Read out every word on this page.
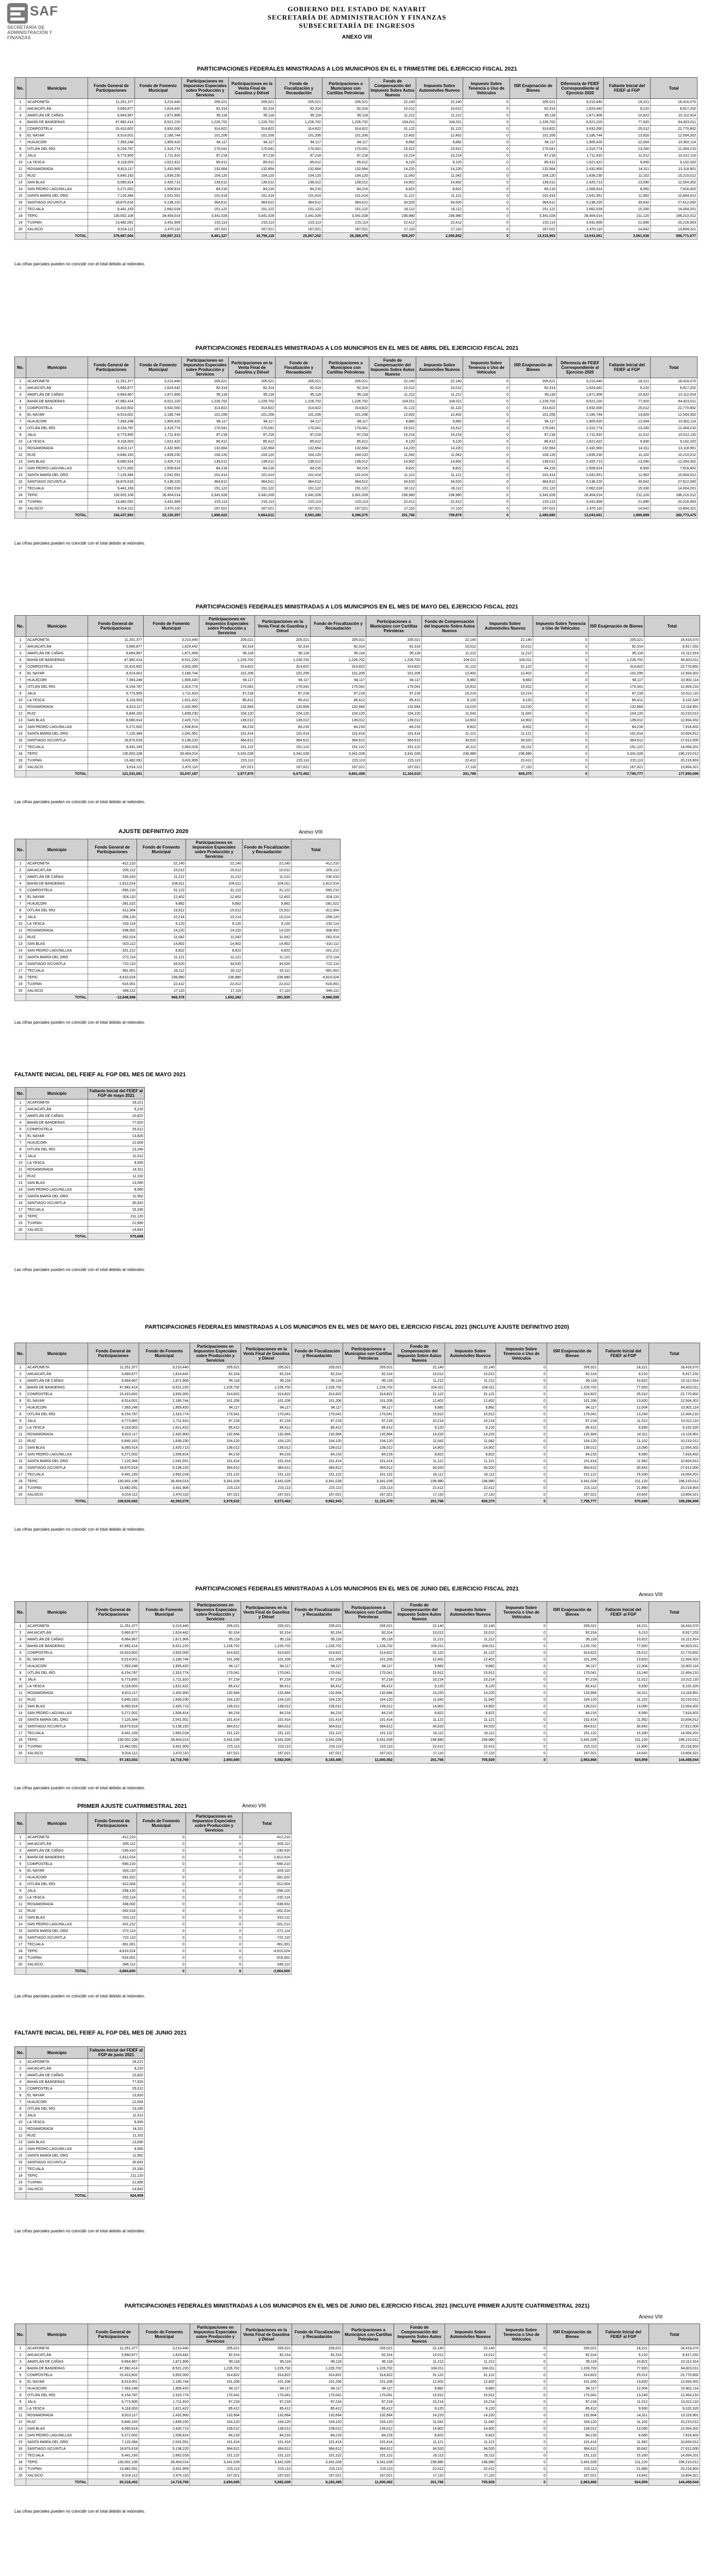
SAF
SECRETARÍA DE ADMINISTRACIÓN Y FINANZAS
GOBIERNO DEL ESTADO DE NAYARIT
SECRETARÍA DE ADMINISTRACIÓN Y FINANZAS
SUBSECRETARÍA DE INGRESOS
ANEXO VIII
PARTICIPACIONES FEDERALES MINISTRADAS A LOS MUNICIPIOS EN EL II TRIMESTRE DEL EJERCICIO FISCAL 2021
No.	Municipio	Fondo General de Participaciones	Fondo de Fomento Municipal	Participaciones en Impuestos Especiales sobre Producción y Servicios	Participaciones en la Venta Final de Gasolina y Diésel	Fondo de Fiscalización y Recaudación	Participaciones a Municipios con Cartillas Petroleras	Fondo de Compensación del Impuesto Sobre Autos Nuevos	Impuesto Sobre Automóviles Nuevos	Impuesto Sobre Tenencia o Uso de Vehículos	ISR Enajenación de Bienes	Diferencia de FEIEF Correspondiente al Ejercicio 2020	Faltante Inicial del FEIEF al FGP	Total
1	ACAPONETA	11,251,377	3,210,440	205,021	205,021	205,021	205,021	22,140	22,140	0	205,021	3,210,440	18,221	18,416,070
2	AHUACATLÁN	5,660,877	1,624,442	92,314	92,314	92,314	92,314	10,012	10,012	0	92,314	1,624,442	9,210	8,917,202
3	AMATLÁN DE CAÑAS	6,664,967	1,871,906	95,118	95,118	95,118	95,118	11,212	11,212	0	95,118	1,871,906	10,822	10,112,914
4	BAHÍA DE BANDERAS	47,982,414	8,521,220	1,226,702	1,226,702	1,226,702	1,226,702	104,011	104,011	0	1,226,702	8,521,220	77,920	64,823,011
5	COMPOSTELA	15,410,602	3,932,000	314,822	314,822	314,822	314,822	31,122	31,122	0	314,822	3,932,000	25,012	22,770,802
6	EL NAYAR	8,514,001	2,180,744	101,206	101,206	101,206	101,206	12,402	12,402	0	101,206	2,180,744	13,820	12,504,302
7	HUAJICORI	7,393,248	1,905,420	94,117	94,117	94,117	94,117	9,882	9,882	0	94,117	1,905,420	12,004	10,902,114
8	IXTLÁN DEL RÍO	8,154,787	2,310,774	170,041	170,041	170,041	170,041	15,912	15,912	0	170,041	2,310,774	13,240	12,404,210
9	JALA	6,773,905	1,711,910	97,218	97,218	97,218	97,218	10,214	10,214	0	97,218	1,711,910	11,012	10,012,110
10	LA YESCA	6,118,003	1,621,422	85,412	85,412	85,412	85,412	9,120	9,120	0	85,412	1,621,422	9,930	9,102,320
11	ROSAMORADA	8,813,117	2,432,900	132,664	132,664	132,664	132,664	14,220	14,220	0	132,664	2,432,900	14,311	13,118,901
12	RUIZ	6,840,163	1,839,230	104,120	104,120	104,120	104,120	11,042	11,042	0	104,120	1,839,230	11,102	10,210,012
13	SAN BLAS	8,060,914	2,420,713	139,012	139,012	139,012	139,012	14,902	14,902	0	139,012	2,420,713	13,090	12,004,302
14	SAN PEDRO LAGUNILLAS	5,271,002	1,506,814	84,216	84,216	84,216	84,216	8,822	8,822	0	84,216	1,506,814	8,560	7,916,402
15	SANTA MARÍA DEL ORO	7,120,384	2,041,551	101,414	101,414	101,414	101,414	11,121	11,121	0	101,414	2,041,551	11,562	10,604,912
16	SANTIAGO IXCUINTLA	18,870,618	5,138,220	364,612	364,612	364,612	364,612	34,520	34,520	0	364,612	5,138,220	30,642	27,612,000
17	TECUALA	9,441,193	2,662,018	151,122	151,122	151,122	151,122	16,112	16,112	0	151,122	2,662,018	15,330	14,004,201
18	TEPIC	130,002,108	28,404,014	3,341,028	3,341,028	3,341,028	3,341,028	236,980	236,980	0	3,341,028	28,404,014	211,120	196,210,012
19	TUXPAN	13,482,091	3,431,909	215,113	215,113	215,113	215,113	22,412	22,412	0	215,113	3,431,909	21,890	20,216,903
20	XALISCO	9,014,112	2,470,110	167,021	167,021	167,021	167,021	17,110	17,110	0	167,021	2,470,110	14,642	13,804,321
	TOTAL	378,987,064	109,897,313	8,461,327	16,756,118	25,867,252	26,388,475	605,297	2,090,852	0	13,315,963	13,043,061	3,561,536	599,771,677
Las cifras parciales pueden no coincidir con el total debido al redondeo.
PARTICIPACIONES FEDERALES MINISTRADAS A LOS MUNICIPIOS EN EL MES DE ABRIL DEL EJERCICIO FISCAL 2021
No.	Municipio	Fondo General de Participaciones	Fondo de Fomento Municipal	Participaciones en Impuestos Especiales sobre Producción y Servicios	Participaciones en la Venta Final de Gasolina y Diésel	Fondo de Fiscalización y Recaudación	Participaciones a Municipios con Cartillas Petroleras	Fondo de Compensación del Impuesto Sobre Autos Nuevos	Impuesto Sobre Automóviles Nuevos	Impuesto Sobre Tenencia o Uso de Vehículos	ISR Enajenación de Bienes	Diferencia de FEIEF Correspondiente al Ejercicio 2020	Faltante Inicial del FEIEF al FGP	Total
1	ACAPONETA	11,251,377	3,210,440	205,021	205,021	205,021	205,021	22,140	22,140	0	205,021	3,210,440	18,221	18,416,070
2	AHUACATLÁN	5,660,877	1,624,442	92,314	92,314	92,314	92,314	10,012	10,012	0	92,314	1,624,442	9,210	8,917,202
3	AMATLÁN DE CAÑAS	6,664,967	1,871,906	95,118	95,118	95,118	95,118	11,212	11,212	0	95,118	1,871,906	10,822	10,112,914
4	BAHÍA DE BANDERAS	47,982,414	8,521,220	1,226,702	1,226,702	1,226,702	1,226,702	104,011	104,011	0	1,226,702	8,521,220	77,920	64,823,011
5	COMPOSTELA	15,410,602	3,932,000	314,822	314,822	314,822	314,822	31,122	31,122	0	314,822	3,932,000	25,012	22,770,802
6	EL NAYAR	8,514,001	2,180,744	101,206	101,206	101,206	101,206	12,402	12,402	0	101,206	2,180,744	13,820	12,504,302
7	HUAJICORI	7,393,248	1,905,420	94,117	94,117	94,117	94,117	9,882	9,882	0	94,117	1,905,420	12,004	10,902,114
8	IXTLÁN DEL RÍO	8,154,787	2,310,774	170,041	170,041	170,041	170,041	15,912	15,912	0	170,041	2,310,774	13,240	12,404,210
9	JALA	6,773,905	1,711,910	97,218	97,218	97,218	97,218	10,214	10,214	0	97,218	1,711,910	11,012	10,012,110
10	LA YESCA	6,118,003	1,621,422	85,412	85,412	85,412	85,412	9,120	9,120	0	85,412	1,621,422	9,930	9,102,320
11	ROSAMORADA	8,813,117	2,432,900	132,664	132,664	132,664	132,664	14,220	14,220	0	132,664	2,432,900	14,311	13,118,901
12	RUIZ	6,840,163	1,839,230	104,120	104,120	104,120	104,120	11,042	11,042	0	104,120	1,839,230	11,102	10,210,012
13	SAN BLAS	8,060,914	2,420,713	139,012	139,012	139,012	139,012	14,902	14,902	0	139,012	2,420,713	13,090	12,004,302
14	SAN PEDRO LAGUNILLAS	5,271,002	1,506,814	84,216	84,216	84,216	84,216	8,822	8,822	0	84,216	1,506,814	8,560	7,916,402
15	SANTA MARÍA DEL ORO	7,120,384	2,041,551	101,414	101,414	101,414	101,414	11,121	11,121	0	101,414	2,041,551	11,562	10,604,912
16	SANTIAGO IXCUINTLA	18,870,618	5,138,220	364,612	364,612	364,612	364,612	34,520	34,520	0	364,612	5,138,220	30,642	27,612,000
17	TECUALA	9,441,193	2,662,018	151,122	151,122	151,122	151,122	16,112	16,112	0	151,122	2,662,018	15,330	14,004,201
18	TEPIC	130,002,108	28,404,014	3,341,028	3,341,028	3,341,028	3,341,028	236,980	236,980	0	3,341,028	28,404,014	211,120	196,210,012
19	TUXPAN	13,482,091	3,431,909	215,113	215,113	215,113	215,113	22,412	22,412	0	215,113	3,431,909	21,890	20,216,903
20	XALISCO	9,014,112	2,470,110	167,021	167,021	167,021	167,021	17,110	17,110	0	167,021	2,470,110	14,642	13,804,321
	TOTAL	166,437,983	52,130,357	1,996,022	5,664,612	8,583,380	9,396,575	201,766	709,879	0	2,465,680	13,043,061	1,965,889	260,773,475
Las cifras parciales pueden no coincidir con el total debido al redondeo.
PARTICIPACIONES FEDERALES MINISTRADAS A LOS MUNICIPIOS EN EL MES DE MAYO DEL EJERCICIO FISCAL 2021
No.	Municipio	Fondo General de Participaciones	Fondo de Fomento Municipal	Participaciones en Impuestos Especiales sobre Producción y Servicios	Participaciones en la Venta Final de Gasolina y Diésel	Fondo de Fiscalización y Recaudación	Participaciones a Municipios con Cartillas Petroleras	Fondo de Compensación del Impuesto Sobre Autos Nuevos	Impuesto Sobre Automóviles Nuevos	Impuesto Sobre Tenencia o Uso de Vehículos	ISR Enajenación de Bienes	Total
1	ACAPONETA	11,251,377	3,210,440	205,021	205,021	205,021	205,021	22,140	22,140	0	205,021	18,416,070
2	AHUACATLÁN	5,660,877	1,624,442	92,314	92,314	92,314	92,314	10,012	10,012	0	92,314	8,917,202
3	AMATLÁN DE CAÑAS	6,664,967	1,871,906	95,118	95,118	95,118	95,118	11,212	11,212	0	95,118	10,112,914
4	BAHÍA DE BANDERAS	47,982,414	8,521,220	1,226,702	1,226,702	1,226,702	1,226,702	104,011	104,011	0	1,226,702	64,823,011
5	COMPOSTELA	15,410,602	3,932,000	314,822	314,822	314,822	314,822	31,122	31,122	0	314,822	22,770,802
6	EL NAYAR	8,514,001	2,180,744	101,206	101,206	101,206	101,206	12,402	12,402	0	101,206	12,504,302
7	HUAJICORI	7,393,248	1,905,420	94,117	94,117	94,117	94,117	9,882	9,882	0	94,117	10,902,114
8	IXTLÁN DEL RÍO	8,154,787	2,310,774	170,041	170,041	170,041	170,041	15,912	15,912	0	170,041	12,404,210
9	JALA	6,773,905	1,711,910	97,218	97,218	97,218	97,218	10,214	10,214	0	97,218	10,012,110
10	LA YESCA	6,118,003	1,621,422	85,412	85,412	85,412	85,412	9,120	9,120	0	85,412	9,102,320
11	ROSAMORADA	8,813,117	2,432,900	132,664	132,664	132,664	132,664	14,220	14,220	0	132,664	13,118,901
12	RUIZ	6,840,163	1,839,230	104,120	104,120	104,120	104,120	11,042	11,042	0	104,120	10,210,012
13	SAN BLAS	8,060,914	2,420,713	139,012	139,012	139,012	139,012	14,902	14,902	0	139,012	12,004,302
14	SAN PEDRO LAGUNILLAS	5,271,002	1,506,814	84,216	84,216	84,216	84,216	8,822	8,822	0	84,216	7,916,402
15	SANTA MARÍA DEL ORO	7,120,384	2,041,551	101,414	101,414	101,414	101,414	11,121	11,121	0	101,414	10,604,912
16	SANTIAGO IXCUINTLA	18,870,618	5,138,220	364,612	364,612	364,612	364,612	34,520	34,520	0	364,612	27,612,000
17	TECUALA	9,441,193	2,662,018	151,122	151,122	151,122	151,122	16,112	16,112	0	151,122	14,004,201
18	TEPIC	130,002,108	28,404,014	3,341,028	3,341,028	3,341,028	3,341,028	236,980	236,980	0	3,341,028	196,210,012
19	TUXPAN	13,482,091	3,431,909	215,113	215,113	215,113	215,113	22,412	22,412	0	215,113	20,216,903
20	XALISCO	9,014,112	2,470,110	167,021	167,021	167,021	167,021	17,110	17,110	0	167,021	13,804,321
	TOTAL	121,531,081	33,047,187	2,977,870	6,073,462	9,681,408	11,164,010	201,766	605,370	0	7,795,777	177,850,096
Las cifras parciales pueden no coincidir con el total debido al redondeo.
AJUSTE DEFINITIVO 2020	Anexo VIII
No.	Municipio	Fondo General de Participaciones	Fondo de Fomento Municipal	Participaciones en Impuestos Especiales sobre Producción y Servicios	Fondo de Fiscalización y Recaudación	Total
1	ACAPONETA	-412,210	22,140	22,140	22,140	-412,210
2	AHUACATLÁN	-205,112	10,012	10,012	10,012	-205,112
3	AMATLÁN DE CAÑAS	-230,410	11,212	11,212	11,212	-230,410
4	BAHÍA DE BANDERAS	-1,812,014	104,011	104,011	104,011	-1,812,014
5	COMPOSTELA	-590,210	31,122	31,122	31,122	-590,210
6	EL NAYAR	-324,110	12,402	12,402	12,402	-324,110
7	HUAJICORI	-281,022	9,882	9,882	9,882	-281,022
8	IXTLÁN DEL RÍO	-312,004	15,912	15,912	15,912	-312,004
9	JALA	-258,120	10,214	10,214	10,214	-258,120
10	LA YESCA	-232,114	9,120	9,120	9,120	-232,114
11	ROSAMORADA	-338,002	14,220	14,220	14,220	-338,002
12	RUIZ	-262,014	11,042	11,042	11,042	-262,014
13	SAN BLAS	-310,112	14,902	14,902	14,902	-310,112
14	SAN PEDRO LAGUNILLAS	-201,212	8,822	8,822	8,822	-201,212
15	SANTA MARÍA DEL ORO	-272,114	11,121	11,121	11,121	-272,114
16	SANTIAGO IXCUINTLA	-722,110	34,520	34,520	34,520	-722,110
17	TECUALA	-361,001	16,112	16,112	16,112	-361,001
18	TEPIC	-4,610,024	236,980	236,980	236,980	-4,610,024
19	TUXPAN	-516,001	22,412	22,412	22,412	-516,001
20	XALISCO	-346,112	17,110	17,110	17,110	-346,112
	TOTAL	-12,848,998	968,376	1,652,282	281,935	-9,986,099
Las cifras parciales pueden no coincidir con el total debido al redondeo.
FALTANTE INICIAL DEL FEIEF AL FGP DEL MES DE MAYO 2021
No.	Municipio	Faltante Inicial del FEIEF al FGP de mayo 2021
1	ACAPONETA	18,221
2	AHUACATLÁN	9,210
3	AMATLÁN DE CAÑAS	10,822
4	BAHÍA DE BANDERAS	77,920
5	COMPOSTELA	25,012
6	EL NAYAR	13,820
7	HUAJICORI	12,004
8	IXTLÁN DEL RÍO	13,240
9	JALA	11,012
10	LA YESCA	9,930
11	ROSAMORADA	14,311
12	RUIZ	11,102
13	SAN BLAS	13,090
14	SAN PEDRO LAGUNILLAS	8,560
15	SANTA MARÍA DEL ORO	11,562
16	SANTIAGO IXCUINTLA	30,642
17	TECUALA	15,330
18	TEPIC	211,120
19	TUXPAN	21,890
20	XALISCO	14,642
	TOTAL	570,688
Las cifras parciales pueden no coincidir con el total debido al redondeo.
PARTICIPACIONES FEDERALES MINISTRADAS A LOS MUNICIPIOS EN EL MES DE MAYO DEL EJERCICIO FISCAL 2021 (INCLUYE AJUSTE DEFINITIVO 2020)
No.	Municipio	Fondo General de Participaciones	Fondo de Fomento Municipal	Participaciones en Impuestos Especiales sobre Producción y Servicios	Participaciones en la Venta Final de Gasolina y Diésel	Fondo de Fiscalización y Recaudación	Participaciones a Municipios con Cartillas Petroleras	Fondo de Compensación del Impuesto Sobre Autos Nuevos	Impuesto Sobre Automóviles Nuevos	Impuesto Sobre Tenencia o Uso de Vehículos	ISR Enajenación de Bienes	Faltante Inicial del FEIEF al FGP	Total
1	ACAPONETA	11,251,377	3,210,440	205,021	205,021	205,021	205,021	22,140	22,140	0	205,021	18,221	18,416,070
2	AHUACATLÁN	5,660,877	1,624,442	92,314	92,314	92,314	92,314	10,012	10,012	0	92,314	9,210	8,917,202
3	AMATLÁN DE CAÑAS	6,664,967	1,871,906	95,118	95,118	95,118	95,118	11,212	11,212	0	95,118	10,822	10,112,914
4	BAHÍA DE BANDERAS	47,982,414	8,521,220	1,226,702	1,226,702	1,226,702	1,226,702	104,011	104,011	0	1,226,702	77,920	64,823,011
5	COMPOSTELA	15,410,602	3,932,000	314,822	314,822	314,822	314,822	31,122	31,122	0	314,822	25,012	22,770,802
6	EL NAYAR	8,514,001	2,180,744	101,206	101,206	101,206	101,206	12,402	12,402	0	101,206	13,820	12,504,302
7	HUAJICORI	7,393,248	1,905,420	94,117	94,117	94,117	94,117	9,882	9,882	0	94,117	12,004	10,902,114
8	IXTLÁN DEL RÍO	8,154,787	2,310,774	170,041	170,041	170,041	170,041	15,912	15,912	0	170,041	13,240	12,404,210
9	JALA	6,773,905	1,711,910	97,218	97,218	97,218	97,218	10,214	10,214	0	97,218	11,012	10,012,110
10	LA YESCA	6,118,003	1,621,422	85,412	85,412	85,412	85,412	9,120	9,120	0	85,412	9,930	9,102,320
11	ROSAMORADA	8,813,117	2,432,900	132,664	132,664	132,664	132,664	14,220	14,220	0	132,664	14,311	13,118,901
12	RUIZ	6,840,163	1,839,230	104,120	104,120	104,120	104,120	11,042	11,042	0	104,120	11,102	10,210,012
13	SAN BLAS	8,060,914	2,420,713	139,012	139,012	139,012	139,012	14,902	14,902	0	139,012	13,090	12,004,302
14	SAN PEDRO LAGUNILLAS	5,271,002	1,506,814	84,216	84,216	84,216	84,216	8,822	8,822	0	84,216	8,560	7,916,402
15	SANTA MARÍA DEL ORO	7,120,384	2,041,551	101,414	101,414	101,414	101,414	11,121	11,121	0	101,414	11,562	10,604,912
16	SANTIAGO IXCUINTLA	18,870,618	5,138,220	364,612	364,612	364,612	364,612	34,520	34,520	0	364,612	30,642	27,612,000
17	TECUALA	9,441,193	2,662,018	151,122	151,122	151,122	151,122	16,112	16,112	0	151,122	15,330	14,004,201
18	TEPIC	130,002,108	28,404,014	3,341,028	3,341,028	3,341,028	3,341,028	236,980	236,980	0	3,341,028	211,120	196,210,012
19	TUXPAN	13,482,091	3,431,909	215,113	215,113	215,113	215,113	22,412	22,412	0	215,113	21,890	20,216,903
20	XALISCO	9,014,112	2,470,110	167,021	167,021	167,021	167,021	17,110	17,110	0	167,021	14,642	13,804,321
	TOTAL	108,630,082	42,583,078	2,979,632	6,073,462	9,862,943	11,151,470	201,766	605,370	0	7,795,777	570,688	189,286,906
Las cifras parciales pueden no coincidir con el total debido al redondeo.
PARTICIPACIONES FEDERALES MINISTRADAS A LOS MUNICIPIOS EN EL MES DE JUNIO DEL EJERCICIO FISCAL 2021
Anexo VIII
No.	Municipio	Fondo General de Participaciones	Fondo de Fomento Municipal	Participaciones en Impuestos Especiales sobre Producción y Servicios	Participaciones en la Venta Final de Gasolina y Diésel	Fondo de Fiscalización y Recaudación	Participaciones a Municipios con Cartillas Petroleras	Fondo de Compensación del Impuesto Sobre Autos Nuevos	Impuesto Sobre Automóviles Nuevos	Impuesto Sobre Tenencia o Uso de Vehículos	ISR Enajenación de Bienes	Faltante Inicial del FEIEF al FGP	Total
1	ACAPONETA	11,251,377	3,210,440	205,021	205,021	205,021	205,021	22,140	22,140	0	205,021	18,221	18,416,070
2	AHUACATLÁN	5,660,877	1,624,442	92,314	92,314	92,314	92,314	10,012	10,012	0	92,314	9,210	8,917,202
3	AMATLÁN DE CAÑAS	6,664,967	1,871,906	95,118	95,118	95,118	95,118	11,212	11,212	0	95,118	10,822	10,112,914
4	BAHÍA DE BANDERAS	47,982,414	8,521,220	1,226,702	1,226,702	1,226,702	1,226,702	104,011	104,011	0	1,226,702	77,920	64,823,011
5	COMPOSTELA	15,410,602	3,932,000	314,822	314,822	314,822	314,822	31,122	31,122	0	314,822	25,012	22,770,802
6	EL NAYAR	8,514,001	2,180,744	101,206	101,206	101,206	101,206	12,402	12,402	0	101,206	13,820	12,504,302
7	HUAJICORI	7,393,248	1,905,420	94,117	94,117	94,117	94,117	9,882	9,882	0	94,117	12,004	10,902,114
8	IXTLÁN DEL RÍO	8,154,787	2,310,774	170,041	170,041	170,041	170,041	15,912	15,912	0	170,041	13,240	12,404,210
9	JALA	6,773,905	1,711,910	97,218	97,218	97,218	97,218	10,214	10,214	0	97,218	11,012	10,012,110
10	LA YESCA	6,118,003	1,621,422	85,412	85,412	85,412	85,412	9,120	9,120	0	85,412	9,930	9,102,320
11	ROSAMORADA	8,813,117	2,432,900	132,664	132,664	132,664	132,664	14,220	14,220	0	132,664	14,311	13,118,901
12	RUIZ	6,840,163	1,839,230	104,120	104,120	104,120	104,120	11,042	11,042	0	104,120	11,102	10,210,012
13	SAN BLAS	8,060,914	2,420,713	139,012	139,012	139,012	139,012	14,902	14,902	0	139,012	13,090	12,004,302
14	SAN PEDRO LAGUNILLAS	5,271,002	1,506,814	84,216	84,216	84,216	84,216	8,822	8,822	0	84,216	8,560	7,916,402
15	SANTA MARÍA DEL ORO	7,120,384	2,041,551	101,414	101,414	101,414	101,414	11,121	11,121	0	101,414	11,562	10,604,912
16	SANTIAGO IXCUINTLA	18,870,618	5,138,220	364,612	364,612	364,612	364,612	34,520	34,520	0	364,612	30,642	27,612,000
17	TECUALA	9,441,193	2,662,018	151,122	151,122	151,122	151,122	16,112	16,112	0	151,122	15,330	14,004,201
18	TEPIC	130,002,108	28,404,014	3,341,028	3,341,028	3,341,028	3,341,028	236,980	236,980	0	3,341,028	211,120	196,210,012
19	TUXPAN	13,482,091	3,431,909	215,113	215,113	215,113	215,113	22,412	22,412	0	215,113	21,890	20,216,903
20	XALISCO	9,014,112	2,470,110	167,021	167,021	167,021	167,021	17,110	17,110	0	167,021	14,642	13,804,321
	TOTAL	97,183,002	14,719,769	2,993,695	5,582,009	8,183,485	11,000,062	201,766	705,929	0	2,963,868	924,959	144,458,544
Las cifras parciales pueden no coincidir con el total debido al redondeo.
PRIMER AJUSTE CUATRIMESTRAL 2021	Anexo VIII
No.	Municipio	Fondo General de Participaciones	Fondo de Fomento Municipal	Participaciones en Impuestos Especiales sobre Producción y Servicios	Total
1	ACAPONETA	-412,210	0	0	-412,210
2	AHUACATLÁN	-205,112	0	0	-205,112
3	AMATLÁN DE CAÑAS	-230,410	0	0	-230,410
4	BAHÍA DE BANDERAS	-1,812,014	0	0	-1,812,014
5	COMPOSTELA	-590,210	0	0	-590,210
6	EL NAYAR	-324,110	0	0	-324,110
7	HUAJICORI	-281,022	0	0	-281,022
8	IXTLÁN DEL RÍO	-312,004	0	0	-312,004
9	JALA	-258,120	0	0	-258,120
10	LA YESCA	-232,114	0	0	-232,114
11	ROSAMORADA	-338,002	0	0	-338,002
12	RUIZ	-262,014	0	0	-262,014
13	SAN BLAS	-310,112	0	0	-310,112
14	SAN PEDRO LAGUNILLAS	-201,212	0	0	-201,212
15	SANTA MARÍA DEL ORO	-272,114	0	0	-272,114
16	SANTIAGO IXCUINTLA	-722,110	0	0	-722,110
17	TECUALA	-361,001	0	0	-361,001
18	TEPIC	-4,610,024	0	0	-4,610,024
19	TUXPAN	-516,001	0	0	-516,001
20	XALISCO	-346,112	0	0	-346,112
	TOTAL	-3,864,600	0	0	-3,864,600
Las cifras parciales pueden no coincidir con el total debido al redondeo.
FALTANTE INICIAL DEL FEIEF AL FGP DEL MES DE JUNIO 2021
No.	Municipio	Faltante Inicial del FEIEF al FGP de junio 2021
1	ACAPONETA	18,221
2	AHUACATLÁN	9,210
3	AMATLÁN DE CAÑAS	10,822
4	BAHÍA DE BANDERAS	77,920
5	COMPOSTELA	25,012
6	EL NAYAR	13,820
7	HUAJICORI	12,004
8	IXTLÁN DEL RÍO	13,240
9	JALA	11,012
10	LA YESCA	9,930
11	ROSAMORADA	14,311
12	RUIZ	11,102
13	SAN BLAS	13,090
14	SAN PEDRO LAGUNILLAS	8,560
15	SANTA MARÍA DEL ORO	11,562
16	SANTIAGO IXCUINTLA	30,642
17	TECUALA	15,330
18	TEPIC	211,120
19	TUXPAN	21,890
20	XALISCO	14,642
	TOTAL	924,959
Las cifras parciales pueden no coincidir con el total debido al redondeo.
PARTICIPACIONES FEDERALES MINISTRADAS A LOS MUNICIPIOS EN EL MES DE JUNIO DEL EJERCICIO FISCAL 2021 (INCLUYE PRIMER AJUSTE CUATRIMESTRAL 2021)
Anexo VIII
No.	Municipio	Fondo General de Participaciones	Fondo de Fomento Municipal	Participaciones en Impuestos Especiales sobre Producción y Servicios	Participaciones en la Venta Final de Gasolina y Diésel	Fondo de Fiscalización y Recaudación	Participaciones a Municipios con Cartillas Petroleras	Fondo de Compensación del Impuesto Sobre Autos Nuevos	Impuesto Sobre Automóviles Nuevos	Impuesto Sobre Tenencia o Uso de Vehículos	ISR Enajenación de Bienes	Faltante Inicial del FEIEF al FGP	Total
1	ACAPONETA	11,251,377	3,210,440	205,021	205,021	205,021	205,021	22,140	22,140	0	205,021	18,221	18,416,070
2	AHUACATLÁN	5,660,877	1,624,442	92,314	92,314	92,314	92,314	10,012	10,012	0	92,314	9,210	8,917,202
3	AMATLÁN DE CAÑAS	6,664,967	1,871,906	95,118	95,118	95,118	95,118	11,212	11,212	0	95,118	10,822	10,112,914
4	BAHÍA DE BANDERAS	47,982,414	8,521,220	1,226,702	1,226,702	1,226,702	1,226,702	104,011	104,011	0	1,226,702	77,920	64,823,011
5	COMPOSTELA	15,410,602	3,932,000	314,822	314,822	314,822	314,822	31,122	31,122	0	314,822	25,012	22,770,802
6	EL NAYAR	8,514,001	2,180,744	101,206	101,206	101,206	101,206	12,402	12,402	0	101,206	13,820	12,504,302
7	HUAJICORI	7,393,248	1,905,420	94,117	94,117	94,117	94,117	9,882	9,882	0	94,117	12,004	10,902,114
8	IXTLÁN DEL RÍO	8,154,787	2,310,774	170,041	170,041	170,041	170,041	15,912	15,912	0	170,041	13,240	12,404,210
9	JALA	6,773,905	1,711,910	97,218	97,218	97,218	97,218	10,214	10,214	0	97,218	11,012	10,012,110
10	LA YESCA	6,118,003	1,621,422	85,412	85,412	85,412	85,412	9,120	9,120	0	85,412	9,930	9,102,320
11	ROSAMORADA	8,813,117	2,432,900	132,664	132,664	132,664	132,664	14,220	14,220	0	132,664	14,311	13,118,901
12	RUIZ	6,840,163	1,839,230	104,120	104,120	104,120	104,120	11,042	11,042	0	104,120	11,102	10,210,012
13	SAN BLAS	8,060,914	2,420,713	139,012	139,012	139,012	139,012	14,902	14,902	0	139,012	13,090	12,004,302
14	SAN PEDRO LAGUNILLAS	5,271,002	1,506,814	84,216	84,216	84,216	84,216	8,822	8,822	0	84,216	8,560	7,916,402
15	SANTA MARÍA DEL ORO	7,120,384	2,041,551	101,414	101,414	101,414	101,414	11,121	11,121	0	101,414	11,562	10,604,912
16	SANTIAGO IXCUINTLA	18,870,618	5,138,220	364,612	364,612	364,612	364,612	34,520	34,520	0	364,612	30,642	27,612,000
17	TECUALA	9,441,193	2,662,018	151,122	151,122	151,122	151,122	16,112	16,112	0	151,122	15,330	14,004,201
18	TEPIC	130,002,108	28,404,014	3,341,028	3,341,028	3,341,028	3,341,028	236,980	236,980	0	3,341,028	211,120	196,210,012
19	TUXPAN	13,482,091	3,431,909	215,113	215,113	215,113	215,113	22,412	22,412	0	215,113	21,890	20,216,903
20	XALISCO	9,014,112	2,470,110	167,021	167,021	167,021	167,021	17,110	17,110	0	167,021	14,642	13,804,321
	TOTAL	93,318,402	14,719,769	2,993,695	5,582,009	8,183,485	11,000,062	201,766	705,929	0	2,963,868	924,959	144,458,544
Las cifras parciales pueden no coincidir con el total debido al redondeo.
